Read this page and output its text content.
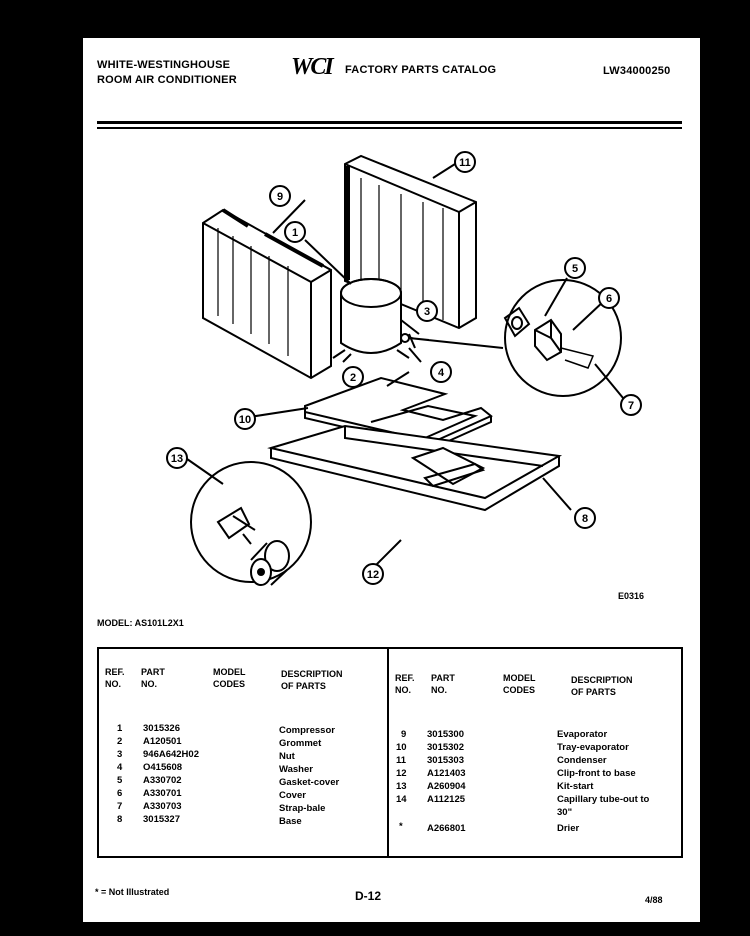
WHITE-WESTINGHOUSE
ROOM AIR CONDITIONER WCI FACTORY PARTS CATALOG	LW34000250
1
2
3
4
5
6
7
8
9
10
11
12
13
E0316
MODEL: AS101L2X1
REF.
NO.
PART
NO.
MODEL
CODES
DESCRIPTION
OF PARTS
REF.
NO.
PART
NO.
MODEL
CODES
DESCRIPTION
OF PARTS
1 3015326	Compressor
2 A120501	Grommet
3 946A642H02	Nut
4 O415608	Washer
5 A330702	Gasket-cover
6 A330701	Cover
7 A330703	Strap-bale
8 3015327	Base
9 3015300	Evaporator
10 3015302	Tray-evaporator
11 3015303	Condenser
12 A121403	Clip-front to base
13 A260904	Kit-start
14 A112125	Capillary tube-out to
30"
*	A266801	Drier
* = Not Illustrated	D-12	4/88
